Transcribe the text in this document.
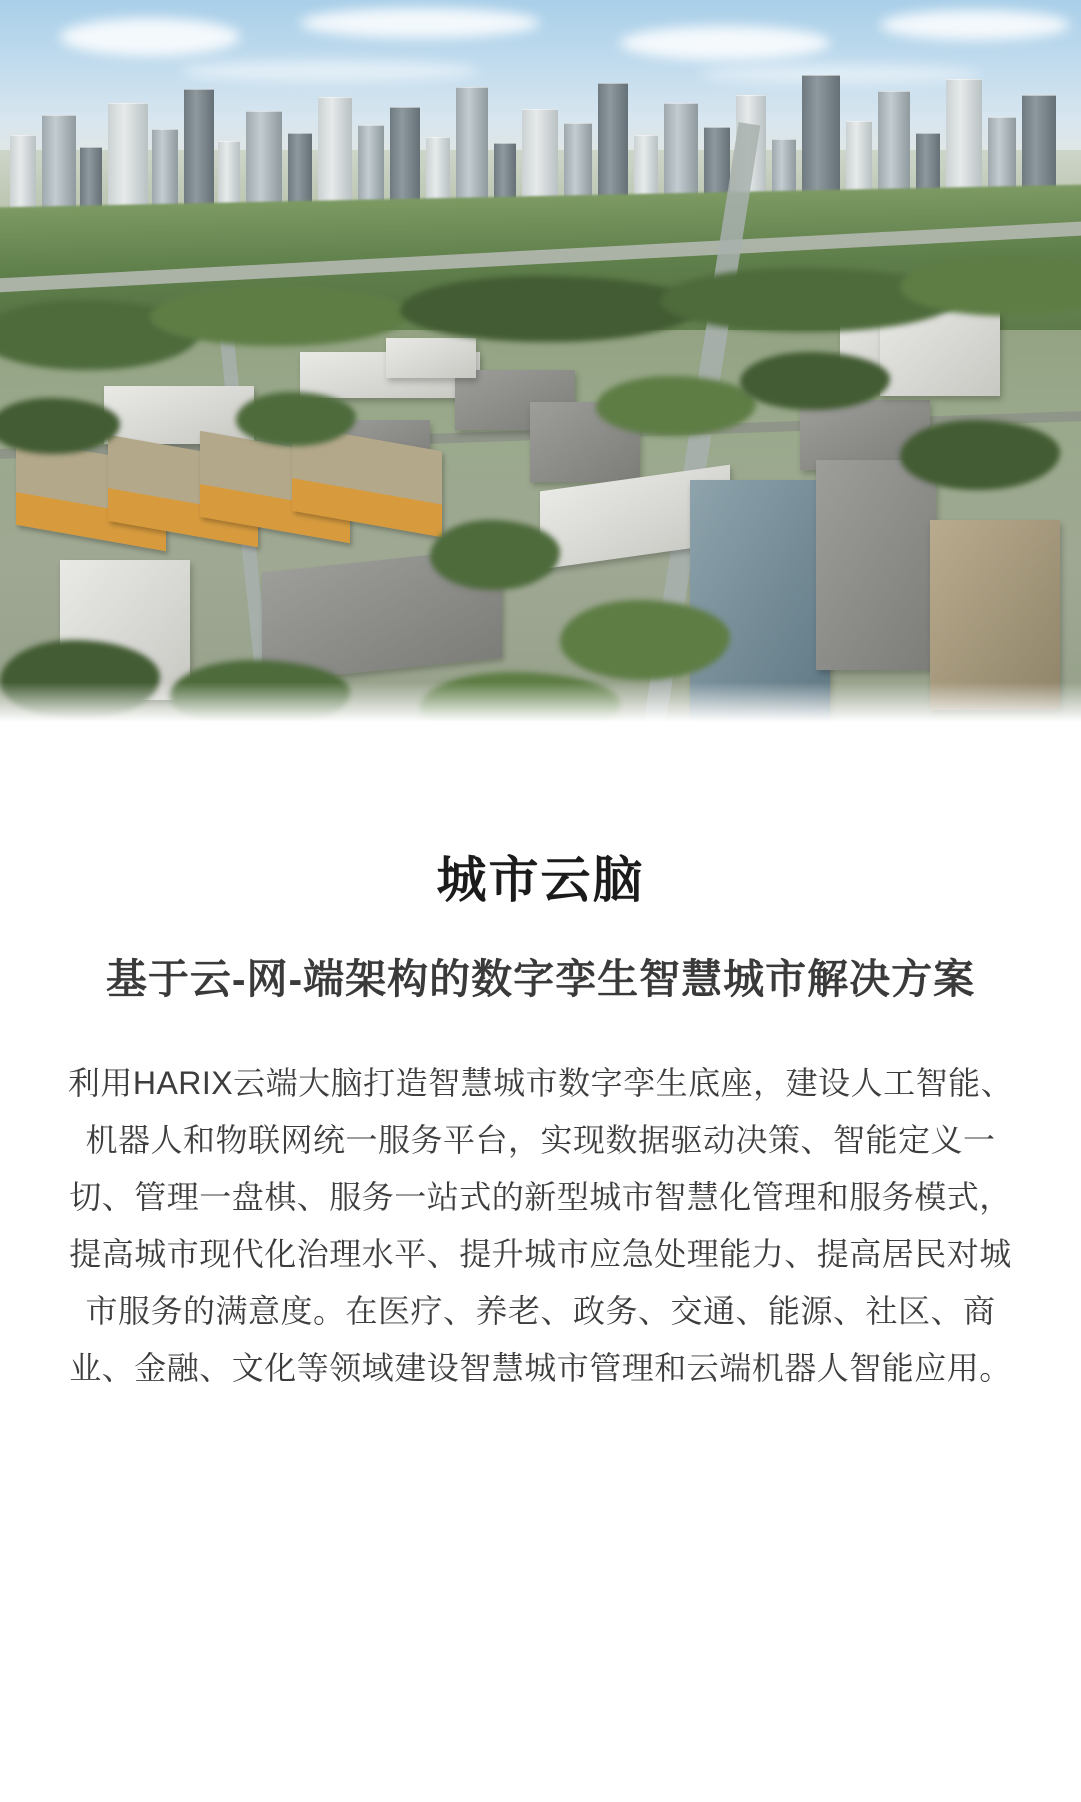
城市云脑
基于云-网-端架构的数字孪生智慧城市解决方案

利用HARIX云端大脑打造智慧城市数字孪生底座，建设人工智能、机器人和物联网统一服务平台，实现数据驱动决策、智能定义一切、管理一盘棋、服务一站式的新型城市智慧化管理和服务模式，提高城市现代化治理水平、提升城市应急处理能力、提高居民对城市服务的满意度。在医疗、养老、政务、交通、能源、社区、商业、金融、文化等领域建设智慧城市管理和云端机器人智能应用。
